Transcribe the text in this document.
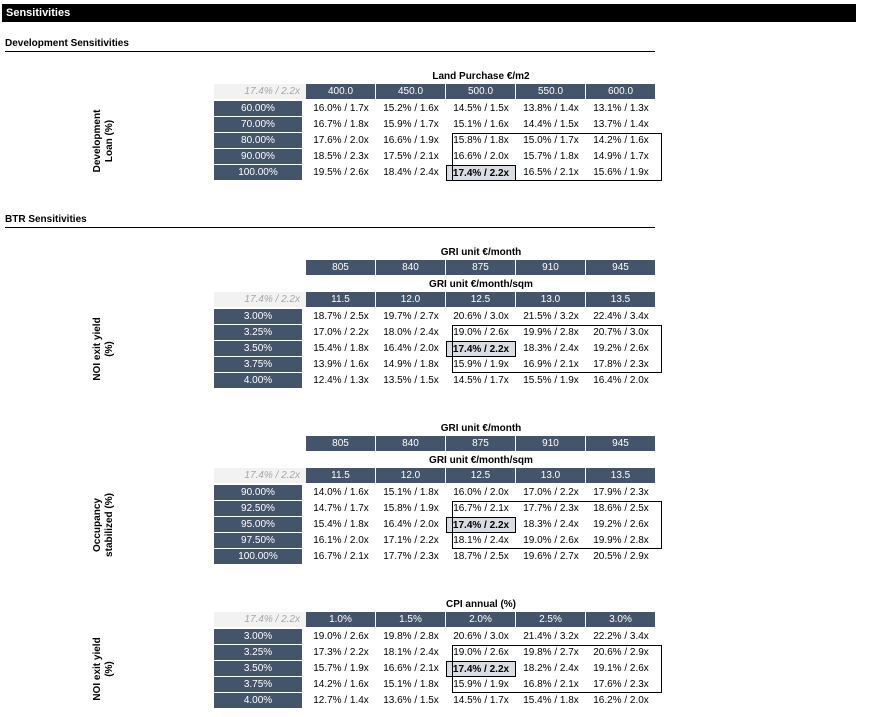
Sensitivities
Development Sensitivities
BTR Sensitivities
Land Purchase €/m2
400.0	450.0	500.0	550.0	600.0
17.4% / 2.2x
60.00%	16.0% / 1.7x	15.2% / 1.6x	14.5% / 1.5x	13.8% / 1.4x	13.1% / 1.3x
70.00%	16.7% / 1.8x	15.9% / 1.7x	15.1% / 1.6x	14.4% / 1.5x	13.7% / 1.4x
80.00%	17.6% / 2.0x	16.6% / 1.9x	15.8% / 1.8x	15.0% / 1.7x	14.2% / 1.6x
90.00%	18.5% / 2.3x	17.5% / 2.1x	16.6% / 2.0x	15.7% / 1.8x	14.9% / 1.7x
100.00%	19.5% / 2.6x	18.4% / 2.4x	17.4% / 2.2x	16.5% / 2.1x	15.6% / 1.9x
Development Loan (%)
GRI unit €/month
805	840	875	910	945
GRI unit €/month/sqm
11.5	12.0	12.5	13.0	13.5
17.4% / 2.2x
3.00%	18.7% / 2.5x	19.7% / 2.7x	20.6% / 3.0x	21.5% / 3.2x	22.4% / 3.4x
3.25%	17.0% / 2.2x	18.0% / 2.4x	19.0% / 2.6x	19.9% / 2.8x	20.7% / 3.0x
3.50%	15.4% / 1.8x	16.4% / 2.0x	17.4% / 2.2x	18.3% / 2.4x	19.2% / 2.6x
3.75%	13.9% / 1.6x	14.9% / 1.8x	15.9% / 1.9x	16.9% / 2.1x	17.8% / 2.3x
4.00%	12.4% / 1.3x	13.5% / 1.5x	14.5% / 1.7x	15.5% / 1.9x	16.4% / 2.0x
NOI exit yield (%)
GRI unit €/month
805	840	875	910	945
GRI unit €/month/sqm
11.5	12.0	12.5	13.0	13.5
17.4% / 2.2x
90.00%	14.0% / 1.6x	15.1% / 1.8x	16.0% / 2.0x	17.0% / 2.2x	17.9% / 2.3x
92.50%	14.7% / 1.7x	15.8% / 1.9x	16.7% / 2.1x	17.7% / 2.3x	18.6% / 2.5x
95.00%	15.4% / 1.8x	16.4% / 2.0x	17.4% / 2.2x	18.3% / 2.4x	19.2% / 2.6x
97.50%	16.1% / 2.0x	17.1% / 2.2x	18.1% / 2.4x	19.0% / 2.6x	19.9% / 2.8x
100.00%	16.7% / 2.1x	17.7% / 2.3x	18.7% / 2.5x	19.6% / 2.7x	20.5% / 2.9x
Occupancy stabilized (%)
CPI annual (%)
1.0%	1.5%	2.0%	2.5%	3.0%
17.4% / 2.2x
3.00%	19.0% / 2.6x	19.8% / 2.8x	20.6% / 3.0x	21.4% / 3.2x	22.2% / 3.4x
3.25%	17.3% / 2.2x	18.1% / 2.4x	19.0% / 2.6x	19.8% / 2.7x	20.6% / 2.9x
3.50%	15.7% / 1.9x	16.6% / 2.1x	17.4% / 2.2x	18.2% / 2.4x	19.1% / 2.6x
3.75%	14.2% / 1.6x	15.1% / 1.8x	15.9% / 1.9x	16.8% / 2.1x	17.6% / 2.3x
4.00%	12.7% / 1.4x	13.6% / 1.5x	14.5% / 1.7x	15.4% / 1.8x	16.2% / 2.0x
NOI exit yield (%)
